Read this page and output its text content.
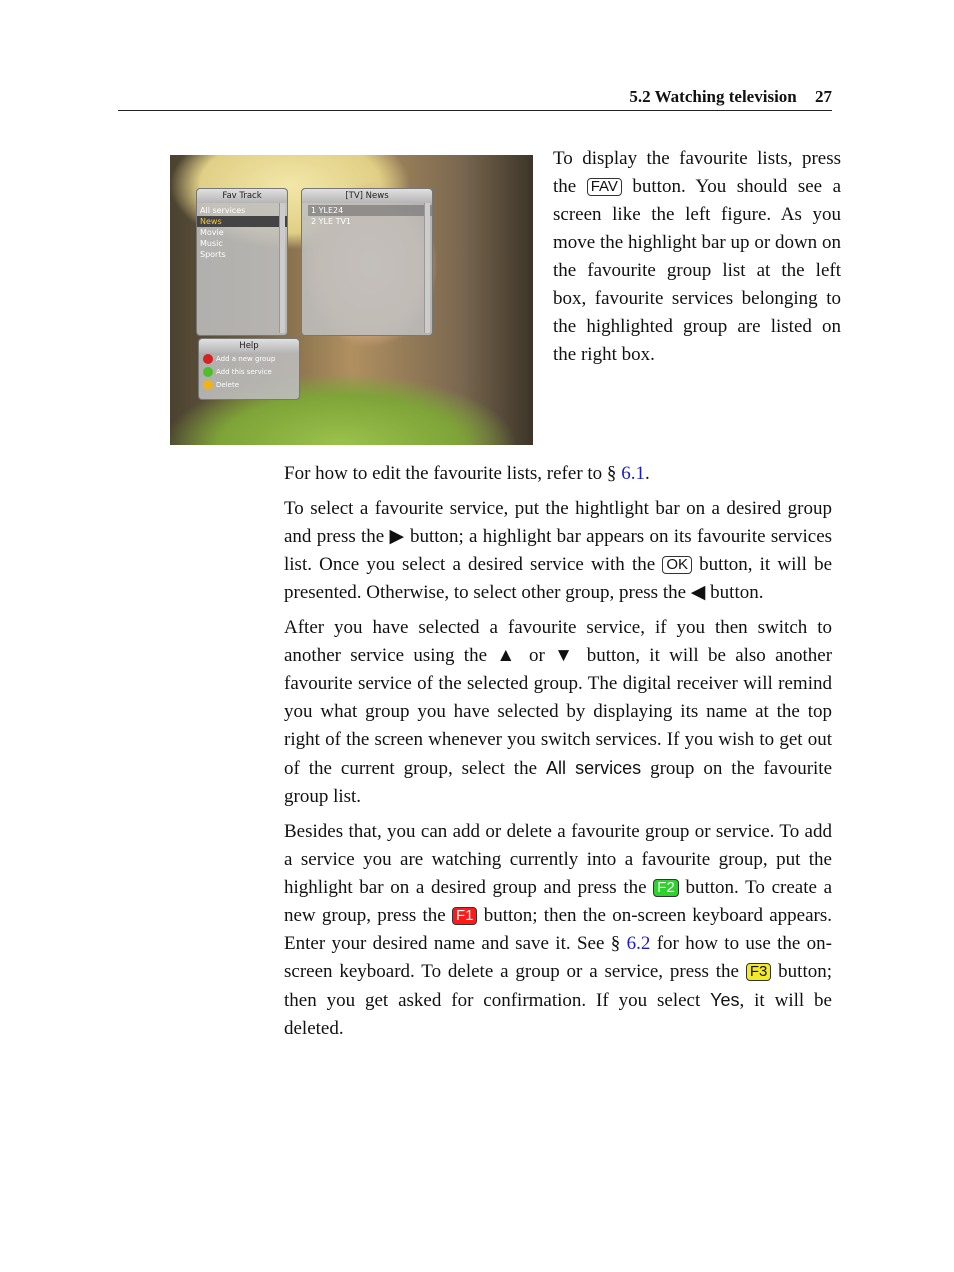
5.2 Watching television 27
Fav Track
All services
News
Movie
Music
Sports
[TV] News
1 YLE24
2 YLE TV1
Help
Add a new group
Add this service
Delete

To display the favourite lists, press the FAV button. You should see a screen like the left figure. As you move the highlight bar up or down on the favourite group list at the left box, favourite services belonging to the highlighted group are listed on the right box.

For how to edit the favourite lists, refer to § 6.1.

To select a favourite service, put the hightlight bar on a desired group and press the ▶ button; a highlight bar appears on its favourite services list. Once you select a desired service with the OK button, it will be presented. Otherwise, to select other group, press the ◀ button.

After you have selected a favourite service, if you then switch to another service using the ▲ or ▼ button, it will be also another favourite service of the selected group. The digital receiver will remind you what group you have selected by displaying its name at the top right of the screen whenever you switch services. If you wish to get out of the current group, select the All services group on the favourite group list.

Besides that, you can add or delete a favourite group or service. To add a service you are watching currently into a favourite group, put the highlight bar on a desired group and press the F2 button. To create a new group, press the F1 button; then the on-screen keyboard appears. Enter your desired name and save it. See § 6.2 for how to use the on-screen keyboard. To delete a group or a service, press the F3 button; then you get asked for confirmation. If you select Yes, it will be deleted.
